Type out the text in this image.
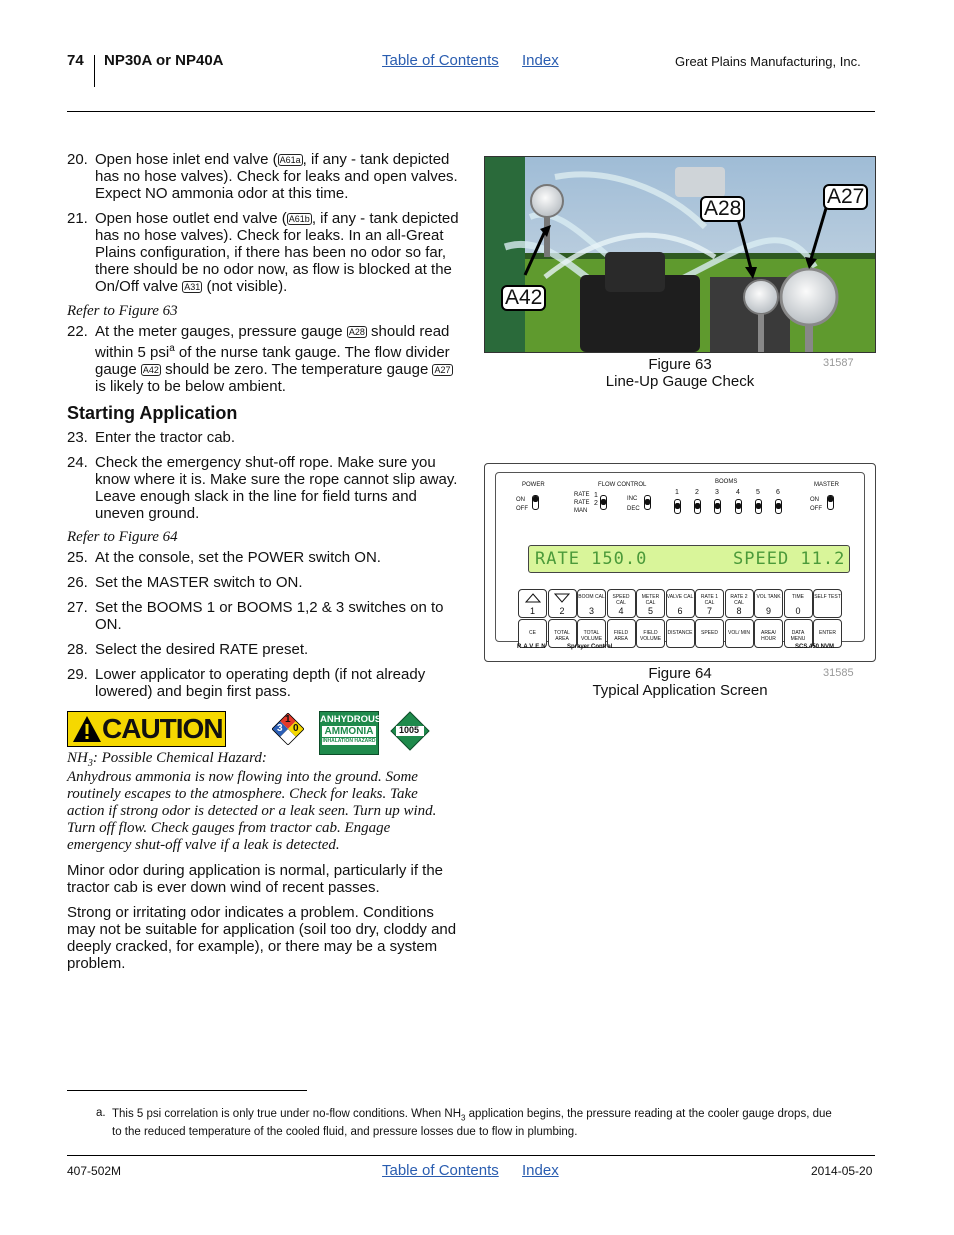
74 NP30A or NP40A	Table of Contents Index	Great Plains Manufacturing, Inc.
20. Open hose inlet end valve ( A61a , if any - tank depicted has no hose valves). Check for leaks and open valves. Expect NO ammonia odor at this time.
21. Open hose outlet end valve ( A61b , if any - tank depicted has no hose valves). Check for leaks. In an all-Great Plains configuration, if there has been no odor so far, there should be no odor now, as flow is blocked at the On/Off valve A31 (not visible).
Refer to Figure 63
22. At the meter gauges, pressure gauge A28 should read within 5 psi$^a$ of the nurse tank gauge. The flow divider gauge A42 should be zero. The temperature gauge A27 is likely to be below ambient.
Starting Application
23. Enter the tractor cab.
24. Check the emergency shut-off rope. Make sure you know where it is. Make sure the rope cannot slip away. Leave enough slack in the line for field turns and uneven ground.
Refer to Figure 64
25. At the console, set the POWER switch ON.
26. Set the MASTER switch to ON.
27. Set the BOOMS 1 or BOOMS 1,2 & 3 switches on to ON.
28. Select the desired RATE preset.
29. Lower applicator to operating depth (if not already lowered) and begin first pass.
CAUTION	1
3 0
ANHYDROUS
AMMONIA
INHALATION HAZARD
1005
$NH_3$: Possible Chemical Hazard:
Anhydrous ammonia is now flowing into the ground. Some routinely escapes to the atmosphere. Check for leaks. Take action if strong odor is detected or a leak seen. Turn up wind. Turn off flow. Check gauges from tractor cab. Engage emergency shut-off valve if a leak is detected.
Minor odor during application is normal, particularly if the tractor cab is ever down wind of recent passes.
Strong or irritating odor indicates a problem. Conditions may not be suitable for application (soil too dry, cloddy and deeply cracked, for example), or there may be a system problem.
A42
A28
A27
Figure 63
Line-Up Gauge Check
31587
POWER
ON
OFF
FLOW CONTROL
RATE
RATE
MAN
1
2
INC
DEC
BOOMS
1 2 3 4 5 6
MASTER
ON
OFF
RATE 150.0	SPEED 11.2
1	2
BOOM CAL
3
SPEED CAL
4
METER CAL
5
VALVE CAL
6
RATE 1 CAL
7
RATE 2 CAL
8
VOL TANK
9
TIME
0
SELF TEST
CE	TOTAL AREA
TOTAL VOLUME
FIELD AREA
FIELD VOLUME
DISTANCE	SPEED	VOL/ MIN	AREA/ HOUR
DATA MENU
ENTER
RAVEN	Sprayer Control	SCS 450 NVM
Figure 64
Typical Application Screen
31585
a. This 5 psi correlation is only true under no-flow conditions. When $NH_3$ application begins, the pressure reading at the cooler gauge drops, due to the reduced temperature of the cooled fluid, and pressure losses due to flow in plumbing.
407-502M	Table of Contents Index	2014-05-20
